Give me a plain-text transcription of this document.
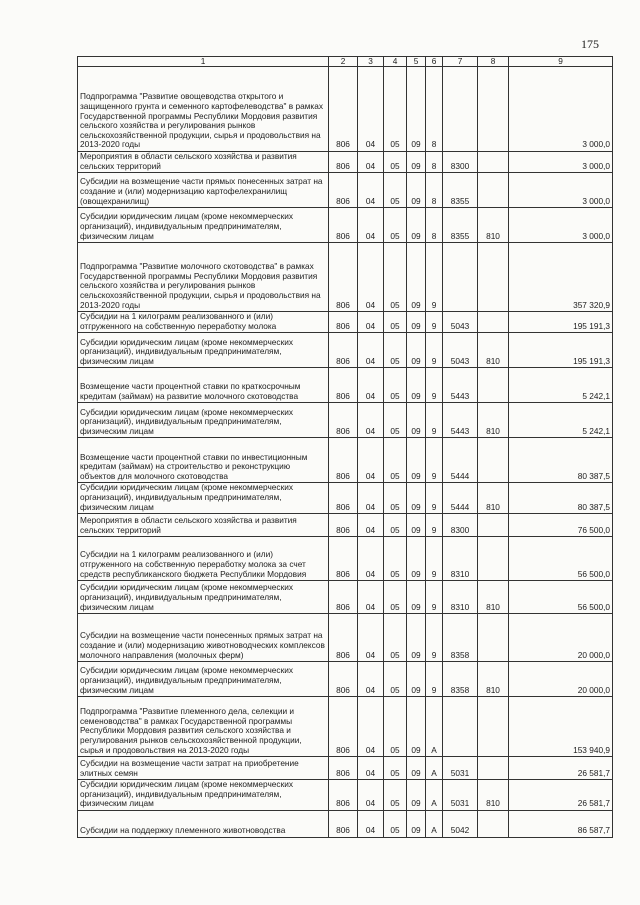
175
1	2	3	4	5	6	7	8	9
Подпрограмма "Развитие овощеводства открытого и защищенного грунта и семенного картофелеводства" в рамках Государственной программы Республики Мордовия развития сельского хозяйства и регулирования рынков сельскохозяйственной продукции, сырья и продовольствия на 2013-2020 годы	806	04	05	09	8			3 000,0
Мероприятия в области сельского хозяйства и развития сельских территорий	806	04	05	09	8	8300		3 000,0
Субсидии на возмещение части прямых понесенных затрат на создание и (или) модернизацию картофелехранилищ (овощехранилищ)	806	04	05	09	8	8355		3 000,0
Субсидии юридическим лицам (кроме некоммерческих организаций), индивидуальным предпринимателям, физическим лицам	806	04	05	09	8	8355	810	3 000,0
Подпрограмма "Развитие молочного скотоводства" в рамках Государственной программы Республики Мордовия развития сельского хозяйства и регулирования рынков сельскохозяйственной продукции, сырья и продовольствия на 2013-2020 годы	806	04	05	09	9			357 320,9
Субсидии на 1 килограмм реализованного и (или) отгруженного на собственную переработку молока	806	04	05	09	9	5043		195 191,3
Субсидии юридическим лицам (кроме некоммерческих организаций), индивидуальным предпринимателям, физическим лицам	806	04	05	09	9	5043	810	195 191,3
Возмещение части процентной ставки по краткосрочным кредитам (займам) на развитие молочного скотоводства	806	04	05	09	9	5443		5 242,1
Субсидии юридическим лицам (кроме некоммерческих организаций), индивидуальным предпринимателям, физическим лицам	806	04	05	09	9	5443	810	5 242,1
Возмещение части процентной ставки по инвестиционным кредитам (займам) на строительство и реконструкцию объектов для молочного скотоводства	806	04	05	09	9	5444		80 387,5
Субсидии юридическим лицам (кроме некоммерческих организаций), индивидуальным предпринимателям, физическим лицам	806	04	05	09	9	5444	810	80 387,5
Мероприятия в области сельского хозяйства и развития сельских территорий	806	04	05	09	9	8300		76 500,0
Субсидии на 1 килограмм реализованного и (или) отгруженного на собственную переработку молока за счет средств республиканского бюджета Республики Мордовия	806	04	05	09	9	8310		56 500,0
Субсидии юридическим лицам (кроме некоммерческих организаций), индивидуальным предпринимателям, физическим лицам	806	04	05	09	9	8310	810	56 500,0
Субсидии на возмещение части понесенных прямых затрат на создание и (или) модернизацию животноводческих комплексов молочного направления (молочных ферм)	806	04	05	09	9	8358		20 000,0
Субсидии юридическим лицам (кроме некоммерческих организаций), индивидуальным предпринимателям, физическим лицам	806	04	05	09	9	8358	810	20 000,0
Подпрограмма "Развитие племенного дела, селекции и семеноводства" в рамках Государственной программы Республики Мордовия развития сельского хозяйства и регулирования рынков сельскохозяйственной продукции, сырья и продовольствия на 2013-2020 годы	806	04	05	09	А			153 940,9
Субсидии на возмещение части затрат на приобретение элитных семян	806	04	05	09	А	5031		26 581,7
Субсидии юридическим лицам (кроме некоммерческих организаций), индивидуальным предпринимателям, физическим лицам	806	04	05	09	А	5031	810	26 581,7
Субсидии на поддержку племенного животноводства	806	04	05	09	А	5042		86 587,7
